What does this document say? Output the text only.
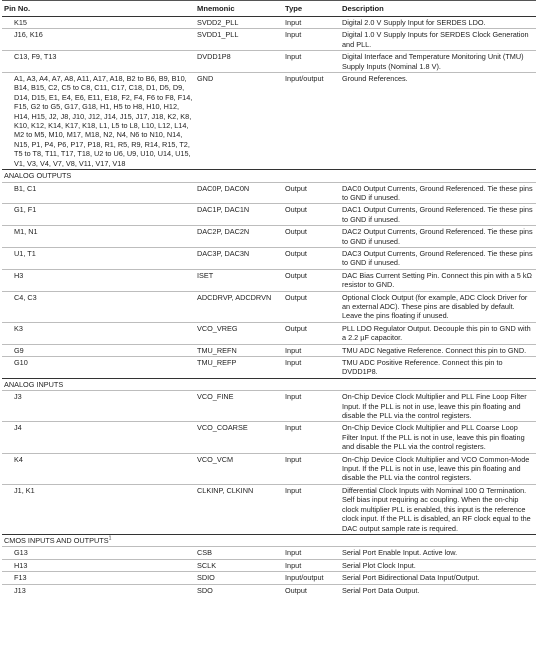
Pin No.	Mnemonic	Type	Description
K15	SVDD2_PLL	Input	Digital 2.0 V Supply Input for SERDES LDO.
J16, K16	SVDD1_PLL	Input	Digital 1.0 V Supply Inputs for SERDES Clock Generation and PLL.
C13, F9, T13	DVDD1P8	Input	Digital Interface and Temperature Monitoring Unit (TMU) Supply Inputs (Nominal 1.8 V).
A1, A3, A4, A7, A8, A11, A17, A18, B2 to B6, B9, B10, B14, B15, C2, C5 to C8, C11, C17, C18, D1, D5, D9, D14, D15, E1, E4, E6, E11, E18, F2, F4, F6 to F8, F14, F15, G2 to G5, G17, G18, H1, H5 to H8, H10, H12, H14, H15, J2, J8, J10, J12, J14, J15, J17, J18, K2, K8, K10, K12, K14, K17, K18, L1, L5 to L8, L10, L12, L14, M2 to M5, M10, M17, M18, N2, N4, N6 to N10, N14, N15, P1, P4, P6, P17, P18, R1, R5, R9, R14, R15, T2, T5 to T8, T11, T17, T18, U2 to U6, U9, U10, U14, U15, V1, V3, V4, V7, V8, V11, V17, V18	GND	Input/output	Ground References.
ANALOG OUTPUTS			
B1, C1	DAC0P, DAC0N	Output	DAC0 Output Currents, Ground Referenced. Tie these pins to GND if unused.
G1, F1	DAC1P, DAC1N	Output	DAC1 Output Currents, Ground Referenced. Tie these pins to GND if unused.
M1, N1	DAC2P, DAC2N	Output	DAC2 Output Currents, Ground Referenced. Tie these pins to GND if unused.
U1, T1	DAC3P, DAC3N	Output	DAC3 Output Currents, Ground Referenced. Tie these pins to GND if unused.
H3	ISET	Output	DAC Bias Current Setting Pin. Connect this pin with a 5 kΩ resistor to GND.
C4, C3	ADCDRVP, ADCDRVN	Output	Optional Clock Output (for example, ADC Clock Driver for an external ADC). These pins are disabled by default. Leave the pins floating if unused.
K3	VCO_VREG	Output	PLL LDO Regulator Output. Decouple this pin to GND with a 2.2 µF capacitor.
G9	TMU_REFN	Input	TMU ADC Negative Reference. Connect this pin to GND.
G10	TMU_REFP	Input	TMU ADC Positive Reference. Connect this pin to DVDD1P8.
ANALOG INPUTS			
J3	VCO_FINE	Input	On-Chip Device Clock Multiplier and PLL Fine Loop Filter Input. If the PLL is not in use, leave this pin floating and disable the PLL via the control registers.
J4	VCO_COARSE	Input	On-Chip Device Clock Multiplier and PLL Coarse Loop Filter Input. If the PLL is not in use, leave this pin floating and disable the PLL via the control registers.
K4	VCO_VCM	Input	On-Chip Device Clock Multiplier and VCO Common-Mode Input. If the PLL is not in use, leave this pin floating and disable the PLL via the control registers.
J1, K1	CLKINP, CLKINN	Input	Differential Clock Inputs with Nominal 100 Ω Termination. Self bias input requiring ac coupling. When the on-chip clock multiplier PLL is enabled, this input is the reference clock input. If the PLL is disabled, an RF clock equal to the DAC output sample rate is required.
CMOS INPUTS AND OUTPUTS$^1$
G13	CSB	Input	Serial Port Enable Input. Active low.
H13	SCLK	Input	Serial Plot Clock Input.
F13	SDIO	Input/output	Serial Port Bidirectional Data Input/Output.
J13	SDO	Output	Serial Port Data Output.
